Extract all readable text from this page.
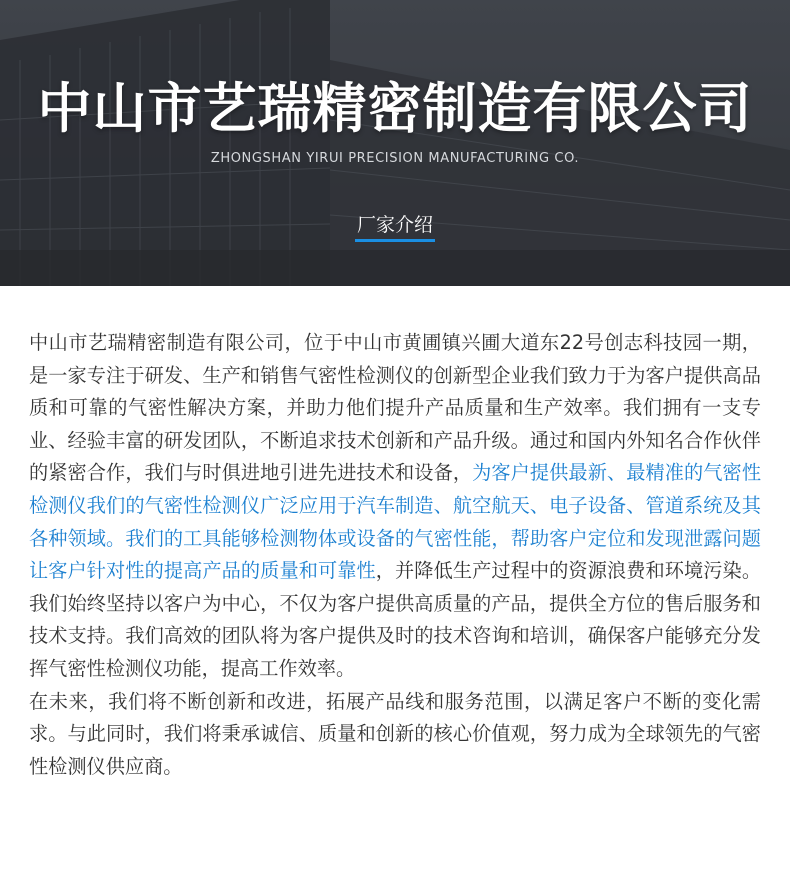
中山市艺瑞精密制造有限公司
ZHONGSHAN YIRUI PRECISION MANUFACTURING CO.
厂家介绍

中山市艺瑞精密制造有限公司，位于中山市黄圃镇兴圃大道东22号创志科技园一期，是一家专注于研发、生产和销售气密性检测仪的创新型企业我们致力于为客户提供高品质和可靠的气密性解决方案，并助力他们提升产品质量和生产效率。我们拥有一支专业、经验丰富的研发团队，不断追求技术创新和产品升级。通过和国内外知名合作伙伴的紧密合作，我们与时俱进地引进先进技术和设备，为客户提供最新、最精准的气密性检测仪我们的气密性检测仪广泛应用于汽车制造、航空航天、电子设备、管道系统及其各种领域。我们的工具能够检测物体或设备的气密性能，帮助客户定位和发现泄露问题让客户针对性的提高产品的质量和可靠性，并降低生产过程中的资源浪费和环境污染。我们始终坚持以客户为中心，不仅为客户提供高质量的产品，提供全方位的售后服务和技术支持。我们高效的团队将为客户提供及时的技术咨询和培训，确保客户能够充分发挥气密性检测仪功能，提高工作效率。

在未来，我们将不断创新和改进，拓展产品线和服务范围，以满足客户不断的变化需求。与此同时，我们将秉承诚信、质量和创新的核心价值观，努力成为全球领先的气密性检测仪供应商。
